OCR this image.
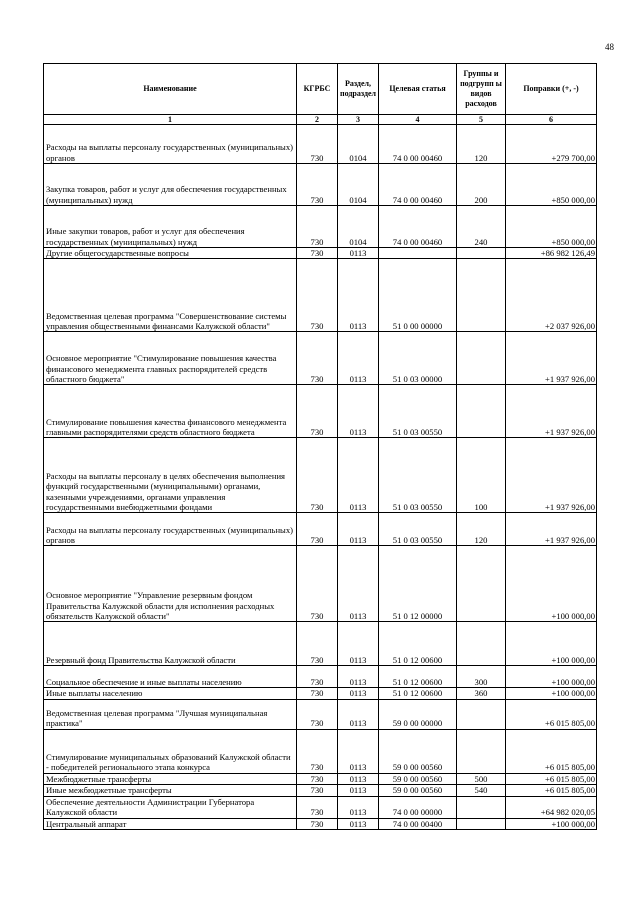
48
Наименование	КГРБС	Раздел, подраздел	Целевая статья	Группы и подгрупп ы видов расходов	Поправки (+, -)
1	2	3	4	5	6
Расходы на выплаты персоналу государственных (муниципальных) органов	730	0104	74 0 00 00460	120	+279 700,00
Закупка товаров, работ и услуг для обеспечения государственных (муниципальных) нужд	730	0104	74 0 00 00460	200	+850 000,00
Иные закупки товаров, работ и услуг для обеспечения государственных (муниципальных) нужд	730	0104	74 0 00 00460	240	+850 000,00
Другие общегосударственные вопросы	730	0113			+86 982 126,49
Ведомственная целевая программа "Совершенствование системы управления общественными финансами Калужской области"	730	0113	51 0 00 00000		+2 037 926,00
Основное мероприятие "Стимулирование повышения качества финансового менеджмента главных распорядителей средств областного бюджета"	730	0113	51 0 03 00000		+1 937 926,00
Стимулирование повышения качества финансового менеджмента главными распорядителями средств областного бюджета	730	0113	51 0 03 00550		+1 937 926,00
Расходы на выплаты персоналу в целях обеспечения выполнения функций государственными (муниципальными) органами, казенными учреждениями, органами управления государственными внебюджетными фондами	730	0113	51 0 03 00550	100	+1 937 926,00
Расходы на выплаты персоналу государственных (муниципальных) органов	730	0113	51 0 03 00550	120	+1 937 926,00
Основное мероприятие "Управление резервным фондом Правительства Калужской области для исполнения расходных обязательств Калужской области"	730	0113	51 0 12 00000		+100 000,00
Резервный фонд Правительства Калужской области	730	0113	51 0 12 00600		+100 000,00
Социальное обеспечение и иные выплаты населению	730	0113	51 0 12 00600	300	+100 000,00
Иные выплаты населению	730	0113	51 0 12 00600	360	+100 000,00
Ведомственная целевая программа "Лучшая муниципальная практика"	730	0113	59 0 00 00000		+6 015 805,00
Стимулирование муниципальных образований Калужской области - победителей регионального этапа конкурса	730	0113	59 0 00 00560		+6 015 805,00
Межбюджетные трансферты	730	0113	59 0 00 00560	500	+6 015 805,00
Иные межбюджетные трансферты	730	0113	59 0 00 00560	540	+6 015 805,00
Обеспечение деятельности Администрации Губернатора Калужской области	730	0113	74 0 00 00000		+64 982 020,05
Центральный аппарат	730	0113	74 0 00 00400		+100 000,00
